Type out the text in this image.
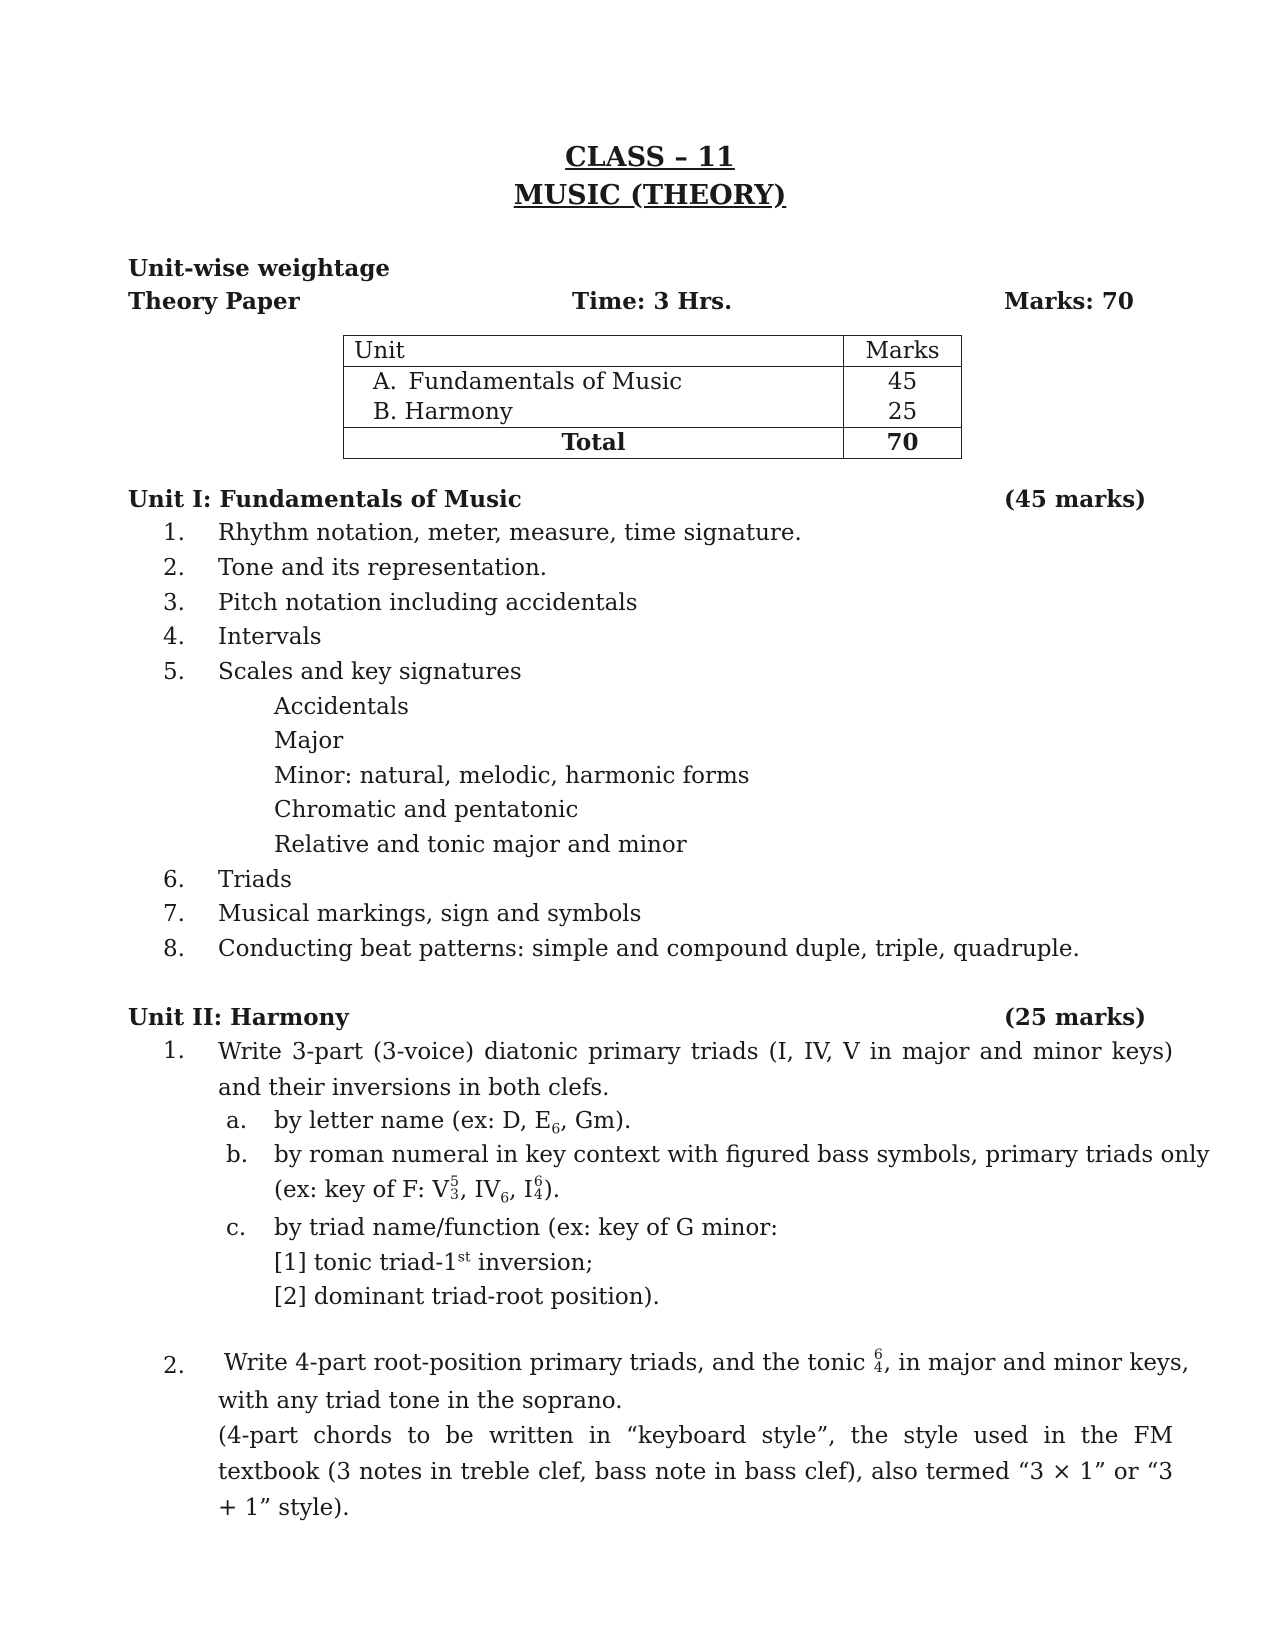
CLASS – 11
MUSIC (THEORY)
Unit-wise weightage
Theory Paper	Time: 3 Hrs.	Marks: 70
Unit	Marks
A. Fundamentals of Music	45
B. Harmony	25
Total	70
Unit I: Fundamentals of Music	(45 marks)
1. Rhythm notation, meter, measure, time signature.
2. Tone and its representation.
3. Pitch notation including accidentals
4. Intervals
5. Scales and key signatures
Accidentals
Major
Minor: natural, melodic, harmonic forms
Chromatic and pentatonic
Relative and tonic major and minor
6. Triads
7. Musical markings, sign and symbols
8. Conducting beat patterns: simple and compound duple, triple, quadruple.
Unit II: Harmony	(25 marks)
1. Write 3-part (3-voice) diatonic primary triads (I, IV, V in major and minor keys) and their inversions in both clefs.
a. by letter name (ex: D, $E_6$, Gm).
b. by roman numeral in key context with figured bass symbols, primary triads only
(ex: key of F: V 5
3 , $IV_6$, I 6
4 ).
c. by triad name/function (ex: key of G minor:
[1] tonic triad-1st inversion;
[2] dominant triad-root position).
2. Write 4-part root-position primary triads, and the tonic 6
4 , in major and minor keys,
with any triad tone in the soprano.
(4-part chords to be written in “keyboard style”, the style used in the FM textbook (3 notes in treble clef, bass note in bass clef), also termed “3 × 1” or “3 + 1” style).
